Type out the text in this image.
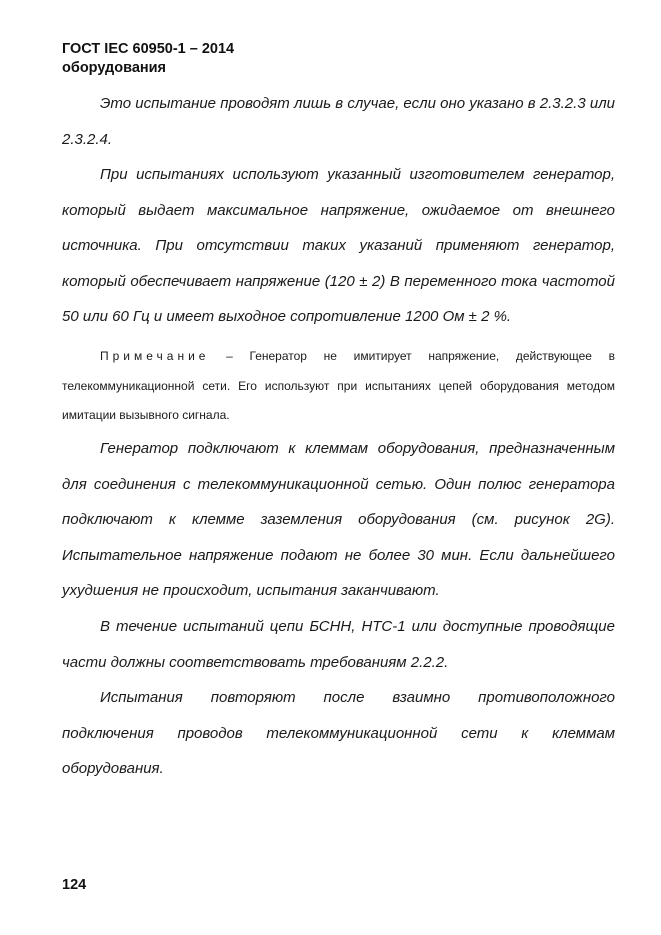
ГОСТ IEC 60950-1 – 2014
оборудования

Это испытание проводят лишь в случае, если оно указано в 2.3.2.3 или 2.3.2.4.

При испытаниях используют указанный изготовителем генератор, который выдает максимальное напряжение, ожидаемое от внешнего источника. При отсутствии таких указаний применяют генератор, который обеспечивает напряжение (120 ± 2) В переменного тока частотой 50 или 60 Гц и имеет выходное сопротивление 1200 Ом ± 2 %.

Примечание – Генератор не имитирует напряжение, действующее в телекоммуникационной сети. Его используют при испытаниях цепей оборудования методом имитации вызывного сигнала.

Генератор подключают к клеммам оборудования, предназначенным для соединения с телекоммуникационной сетью. Один полюс генератора подключают к клемме заземления оборудования (см. рисунок 2G). Испытательное напряжение подают не более 30 мин. Если дальнейшего ухудшения не происходит, испытания заканчивают.

В течение испытаний цепи БСНН, НТС-1 или доступные проводящие части должны соответствовать требованиям 2.2.2.

Испытания повторяют после взаимно противоположного подключения проводов телекоммуникационной сети к клеммам оборудования.

124
